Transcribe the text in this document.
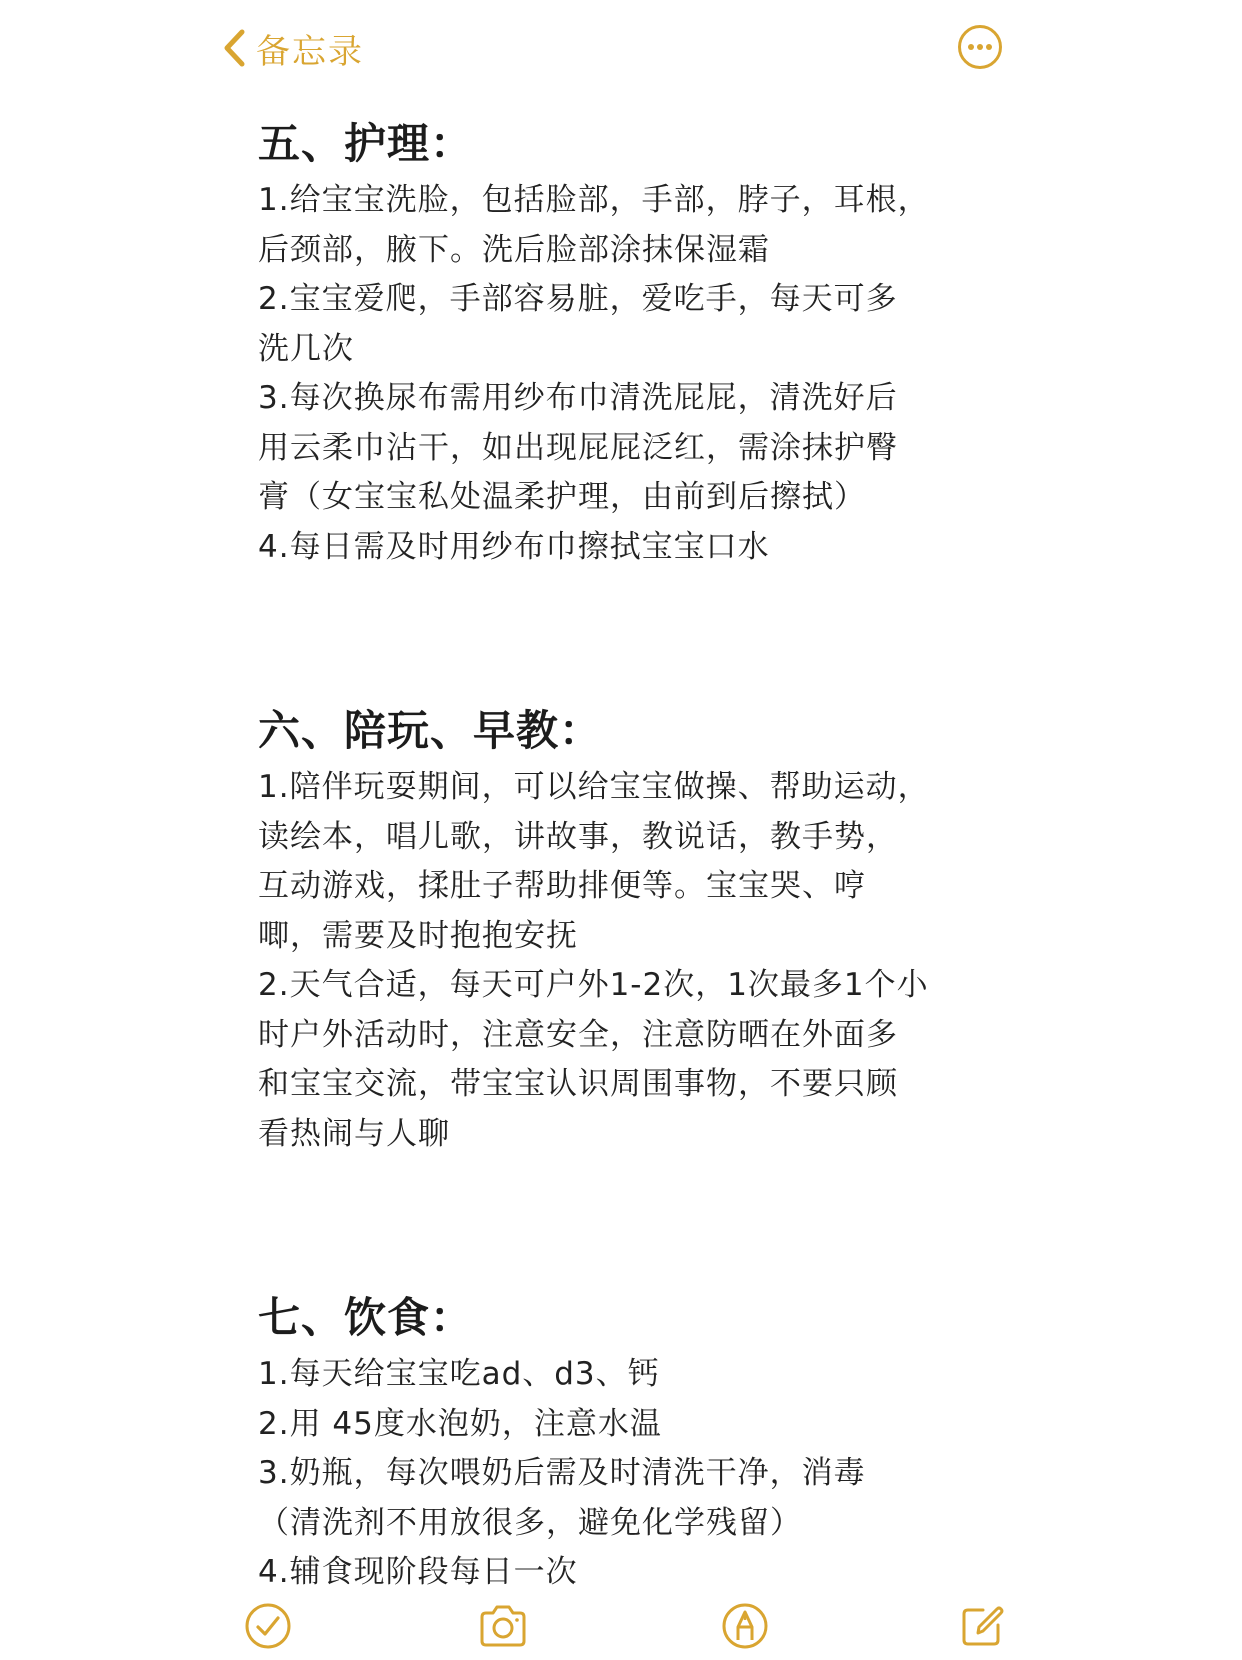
备忘录
五、护理：
1.给宝宝洗脸，包括脸部，手部，脖子，耳根，
后颈部，腋下。洗后脸部涂抹保湿霜
2.宝宝爱爬，手部容易脏，爱吃手，每天可多
洗几次
3.每次换尿布需用纱布巾清洗屁屁，清洗好后
用云柔巾沾干，如出现屁屁泛红，需涂抹护臀
膏（女宝宝私处温柔护理，由前到后擦拭）
4.每日需及时用纱布巾擦拭宝宝口水
六、陪玩、早教：
1.陪伴玩耍期间，可以给宝宝做操、帮助运动，
读绘本，唱儿歌，讲故事，教说话，教手势，
互动游戏，揉肚子帮助排便等。宝宝哭、哼
唧，需要及时抱抱安抚
2.天气合适，每天可户外1-2次，1次最多1个小
时户外活动时，注意安全，注意防晒在外面多
和宝宝交流，带宝宝认识周围事物，不要只顾
看热闹与人聊
七、饮食：
1.每天给宝宝吃ad、d3、钙
2.用 45度水泡奶，注意水温
3.奶瓶，每次喂奶后需及时清洗干净，消毒
（清洗剂不用放很多，避免化学残留）
4.辅食现阶段每日一次
